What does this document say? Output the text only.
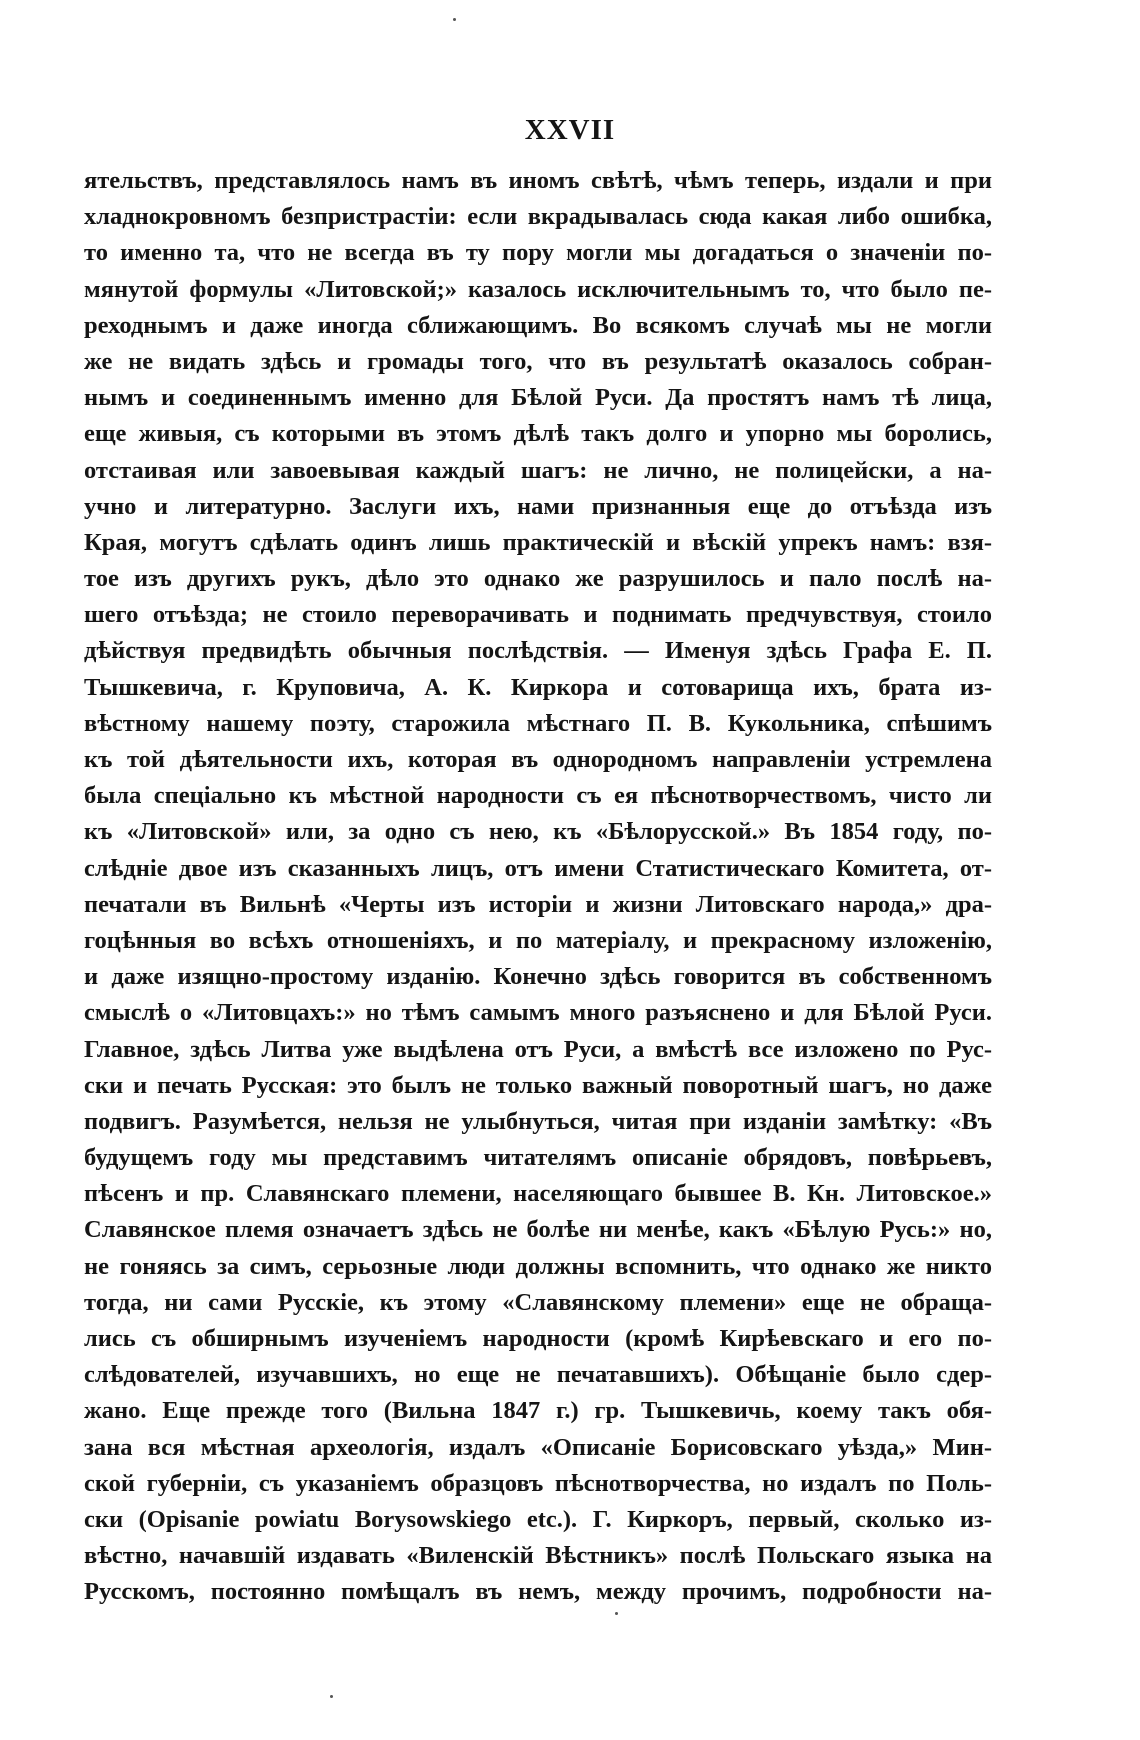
XXVII
ятельствъ, представлялось намъ въ иномъ свѣтѣ, чѣмъ теперь, издали и при
хладнокровномъ безпристрастіи: если вкрадывалась сюда какая либо ошибка,
то именно та, что не всегда въ ту пору могли мы догадаться о значеніи по-
мянутой формулы «Литовской;» казалось исключительнымъ то, что было пе-
реходнымъ и даже иногда сближающимъ. Во всякомъ случаѣ мы не могли
же не видать здѣсь и громады того, что въ результатѣ оказалось собран-
нымъ и соединеннымъ именно для Бѣлой Руси. Да простятъ намъ тѣ лица,
еще живыя, съ которыми въ этомъ дѣлѣ такъ долго и упорно мы боролись,
отстаивая или завоевывая каждый шагъ: не лично, не полицейски, а на-
учно и литературно. Заслуги ихъ, нами признанныя еще до отъѣзда изъ
Края, могутъ сдѣлать одинъ лишь практическій и вѣскій упрекъ намъ: взя-
тое изъ другихъ рукъ, дѣло это однако же разрушилось и пало послѣ на-
шего отъѣзда; не стоило переворачивать и поднимать предчувствуя, стоило
дѣйствуя предвидѣть обычныя послѣдствія. — Именуя здѣсь Графа Е. П.
Тышкевича, г. Круповича, А. К. Киркора и сотоварища ихъ, брата из-
вѣстному нашему поэту, старожила мѣстнаго П. В. Кукольника, спѣшимъ
къ той дѣятельности ихъ, которая въ однородномъ направленіи устремлена
была спеціально къ мѣстной народности съ ея пѣснотворчествомъ, чисто ли
къ «Литовской» или, за одно съ нею, къ «Бѣлорусской.» Въ 1854 году, по-
слѣдніе двое изъ сказанныхъ лицъ, отъ имени Статистическаго Комитета, от-
печатали въ Вильнѣ «Черты изъ исторіи и жизни Литовскаго народа,» дра-
гоцѣнныя во всѣхъ отношеніяхъ, и по матеріалу, и прекрасному изложенію,
и даже изящно-простому изданію. Конечно здѣсь говорится въ собственномъ
смыслѣ о «Литовцахъ:» но тѣмъ самымъ много разъяснено и для Бѣлой Руси.
Главное, здѣсь Литва уже выдѣлена отъ Руси, а вмѣстѣ все изложено по Рус-
ски и печать Русская: это былъ не только важный поворотный шагъ, но даже
подвигъ. Разумѣется, нельзя не улыбнуться, читая при изданіи замѣтку: «Въ
будущемъ году мы представимъ читателямъ описаніе обрядовъ, повѣрьевъ,
пѣсенъ и пр. Славянскаго племени, населяющаго бывшее В. Кн. Литовское.»
Славянское племя означаетъ здѣсь не болѣе ни менѣе, какъ «Бѣлую Русь:» но,
не гоняясь за симъ, серьозные люди должны вспомнить, что однако же никто
тогда, ни сами Русскіе, къ этому «Славянскому племени» еще не обраща-
лись съ обширнымъ изученіемъ народности (кромѣ Кирѣевскаго и его по-
слѣдователей, изучавшихъ, но еще не печатавшихъ). Обѣщаніе было сдер-
жано. Еще прежде того (Вильна 1847 г.) гр. Тышкевичь, коему такъ обя-
зана вся мѣстная археологія, издалъ «Описаніе Борисовскаго уѣзда,» Мин-
ской губерніи, съ указаніемъ образцовъ пѣснотворчества, но издалъ по Поль-
ски (Opisanie powiatu Borysowskiego etc.). Г. Киркоръ, первый, сколько из-
вѣстно, начавшій издавать «Виленскій Вѣстникъ» послѣ Польскаго языка на
Русскомъ, постоянно помѣщалъ въ немъ, между прочимъ, подробности на-
